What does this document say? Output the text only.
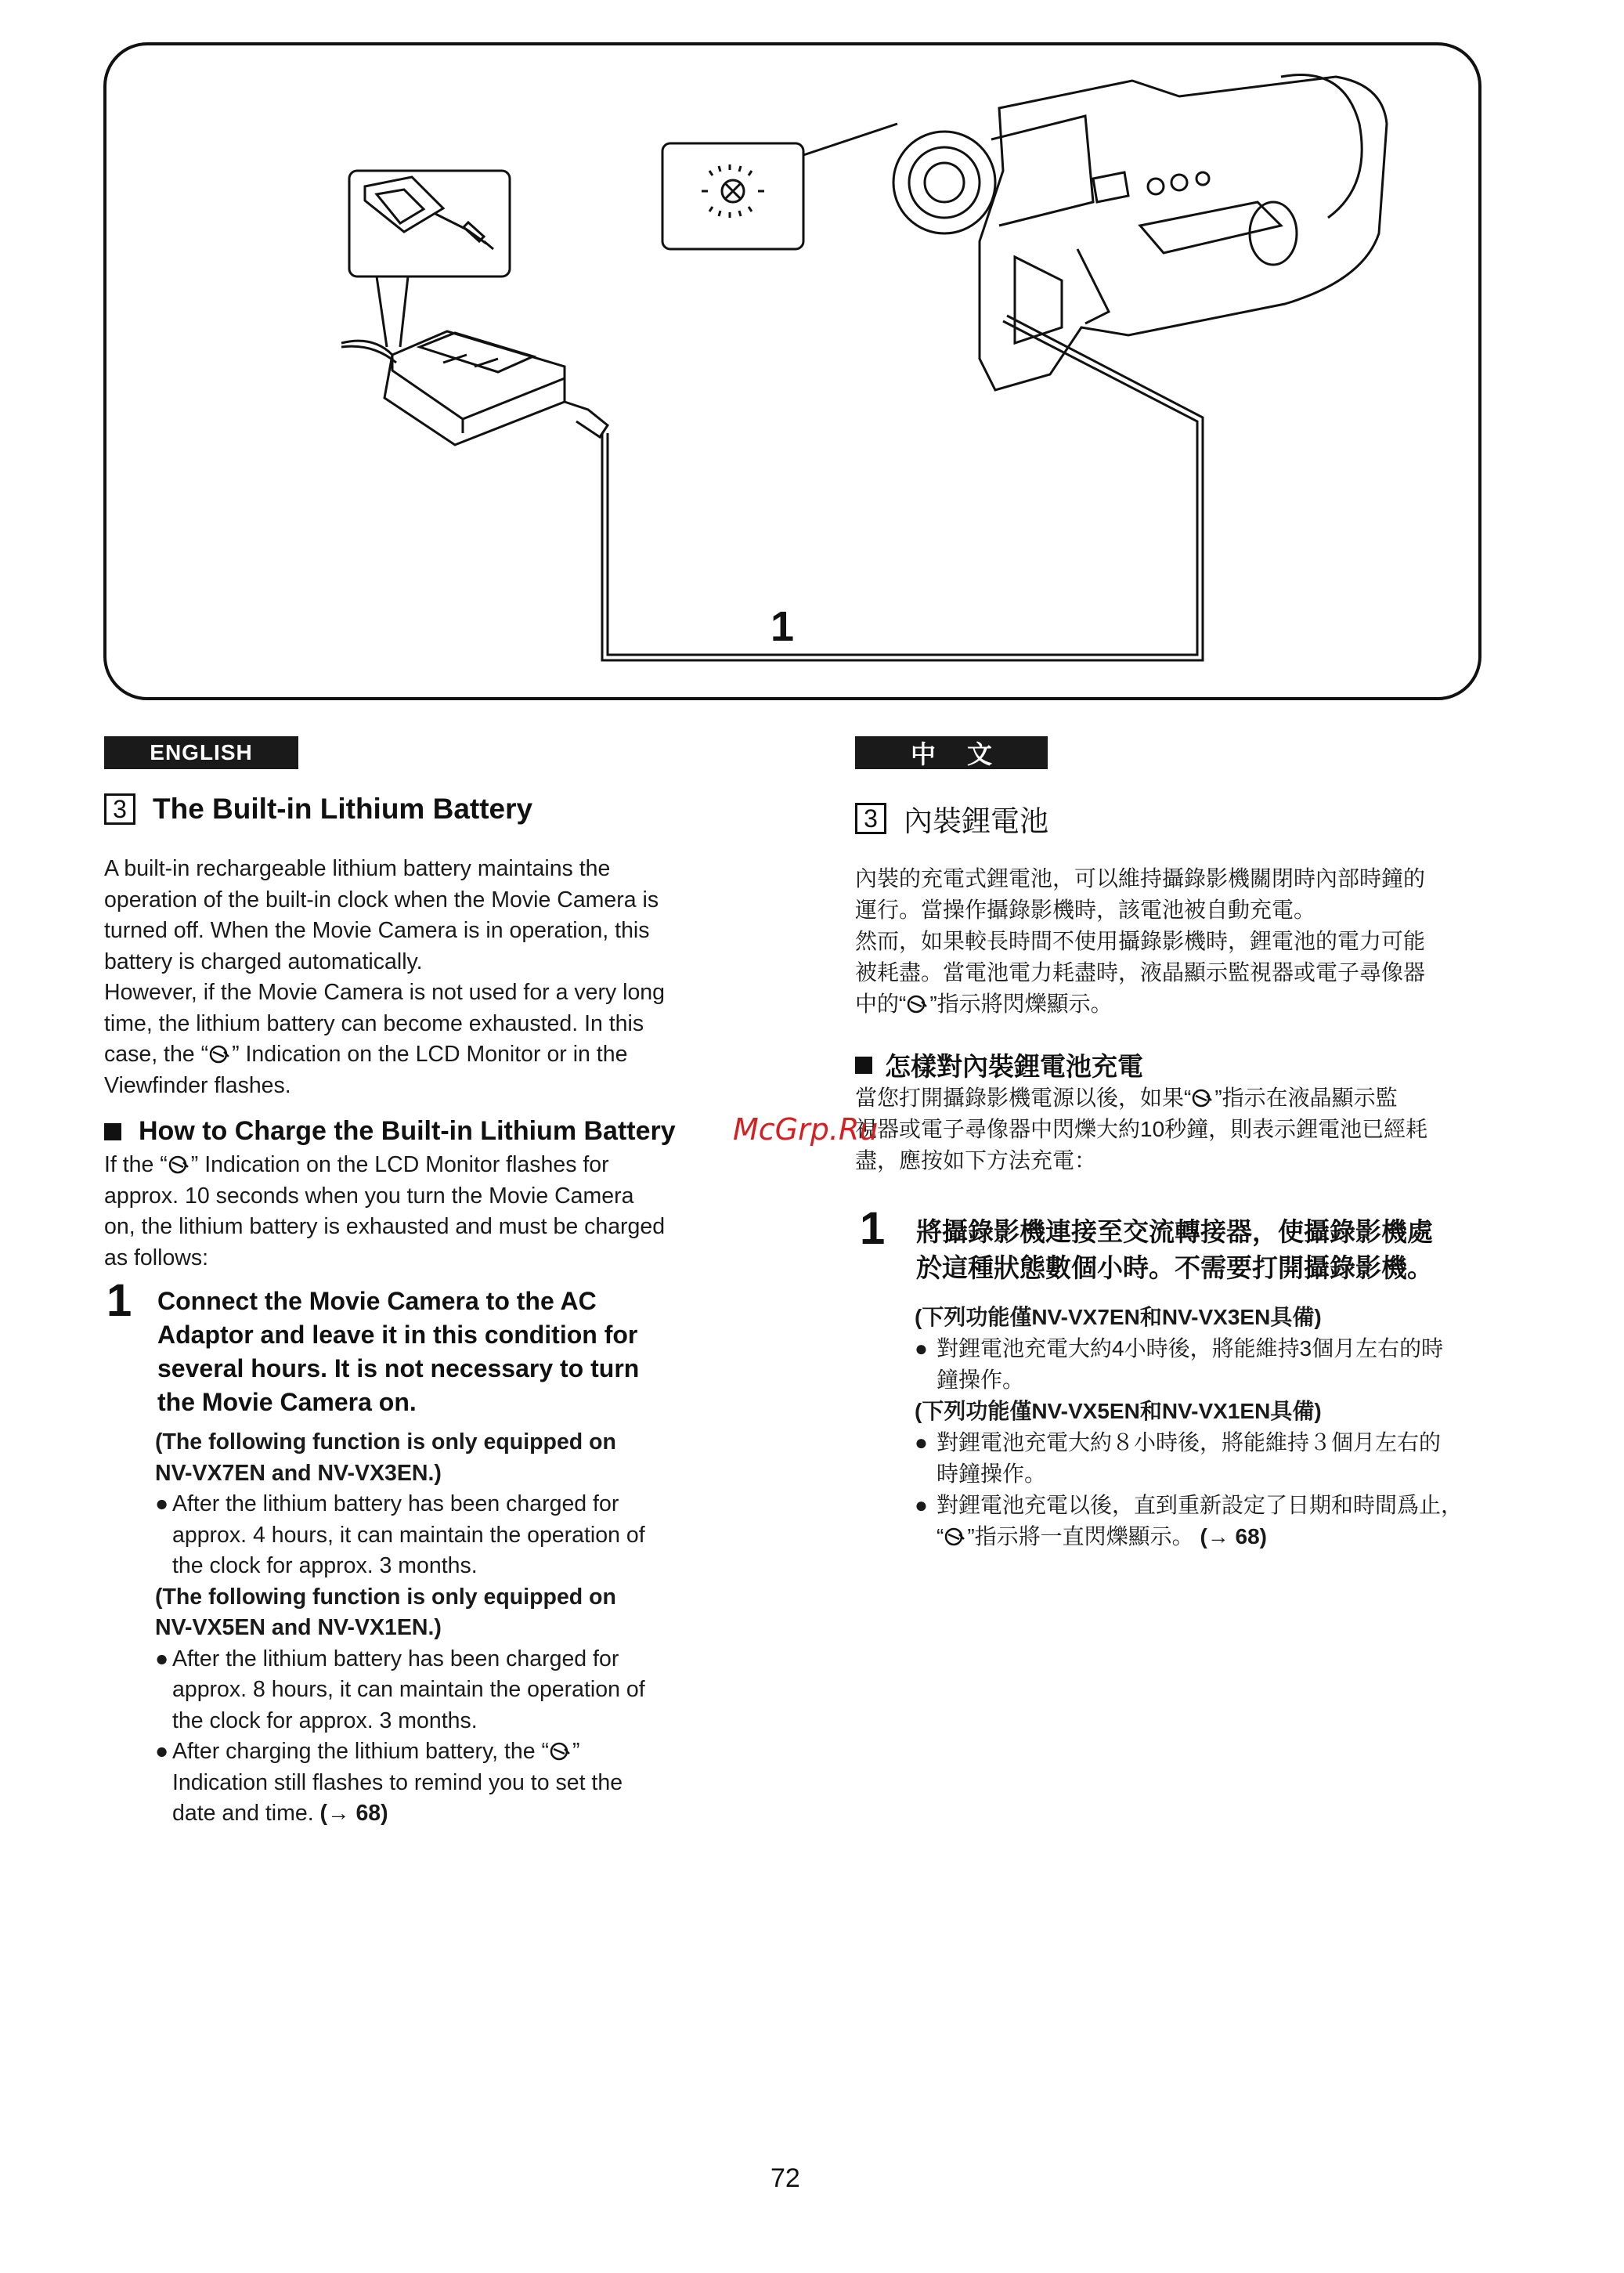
1
ENGLISH
3 The Built-in Lithium Battery
A built-in rechargeable lithium battery maintains the
operation of the built-in clock when the Movie Camera is
turned off. When the Movie Camera is in operation, this
battery is charged automatically.
However, if the Movie Camera is not used for a very long
time, the lithium battery can become exhausted. In this
case, the “ ” Indication on the LCD Monitor or in the
Viewfinder flashes.
How to Charge the Built-in Lithium Battery
If the “ ” Indication on the LCD Monitor flashes for
approx. 10 seconds when you turn the Movie Camera
on, the lithium battery is exhausted and must be charged
as follows:
1 Connect the Movie Camera to the AC
Adaptor and leave it in this condition for
several hours. It is not necessary to turn
the Movie Camera on.
(The following function is only equipped on
NV-VX7EN and NV-VX3EN.)
● After the lithium battery has been charged for
approx. 4 hours, it can maintain the operation of
the clock for approx. 3 months.
(The following function is only equipped on
NV-VX5EN and NV-VX1EN.)
● After the lithium battery has been charged for
approx. 8 hours, it can maintain the operation of
the clock for approx. 3 months.
● After charging the lithium battery, the “ ”
Indication still flashes to remind you to set the
date and time. (→ 68)
中文
3 內裝鋰電池
內裝的充電式鋰電池，可以維持攝錄影機關閉時內部時鐘的
運行。當操作攝錄影機時，該電池被自動充電。
然而，如果較長時間不使用攝錄影機時，鋰電池的電力可能
被耗盡。當電池電力耗盡時，液晶顯示監視器或電子尋像器
中的“ ”指示將閃爍顯示。
怎樣對內裝鋰電池充電
當您打開攝錄影機電源以後，如果“ ”指示在液晶顯示監
視器或電子尋像器中閃爍大約10秒鐘，則表示鋰電池已經耗
盡，應按如下方法充電：
1 將攝錄影機連接至交流轉接器，使攝錄影機處
於這種狀態數個小時。不需要打開攝錄影機。
(下列功能僅NV-VX7EN和NV-VX3EN具備)
● 對鋰電池充電大約4小時後，將能維持3個月左右的時
鐘操作。
(下列功能僅NV-VX5EN和NV-VX1EN具備)
● 對鋰電池充電大約８小時後，將能維持３個月左右的
時鐘操作。
● 對鋰電池充電以後，直到重新設定了日期和時間爲止，
“ ”指示將一直閃爍顯示。 (→ 68)
McGrp.Ru
72
